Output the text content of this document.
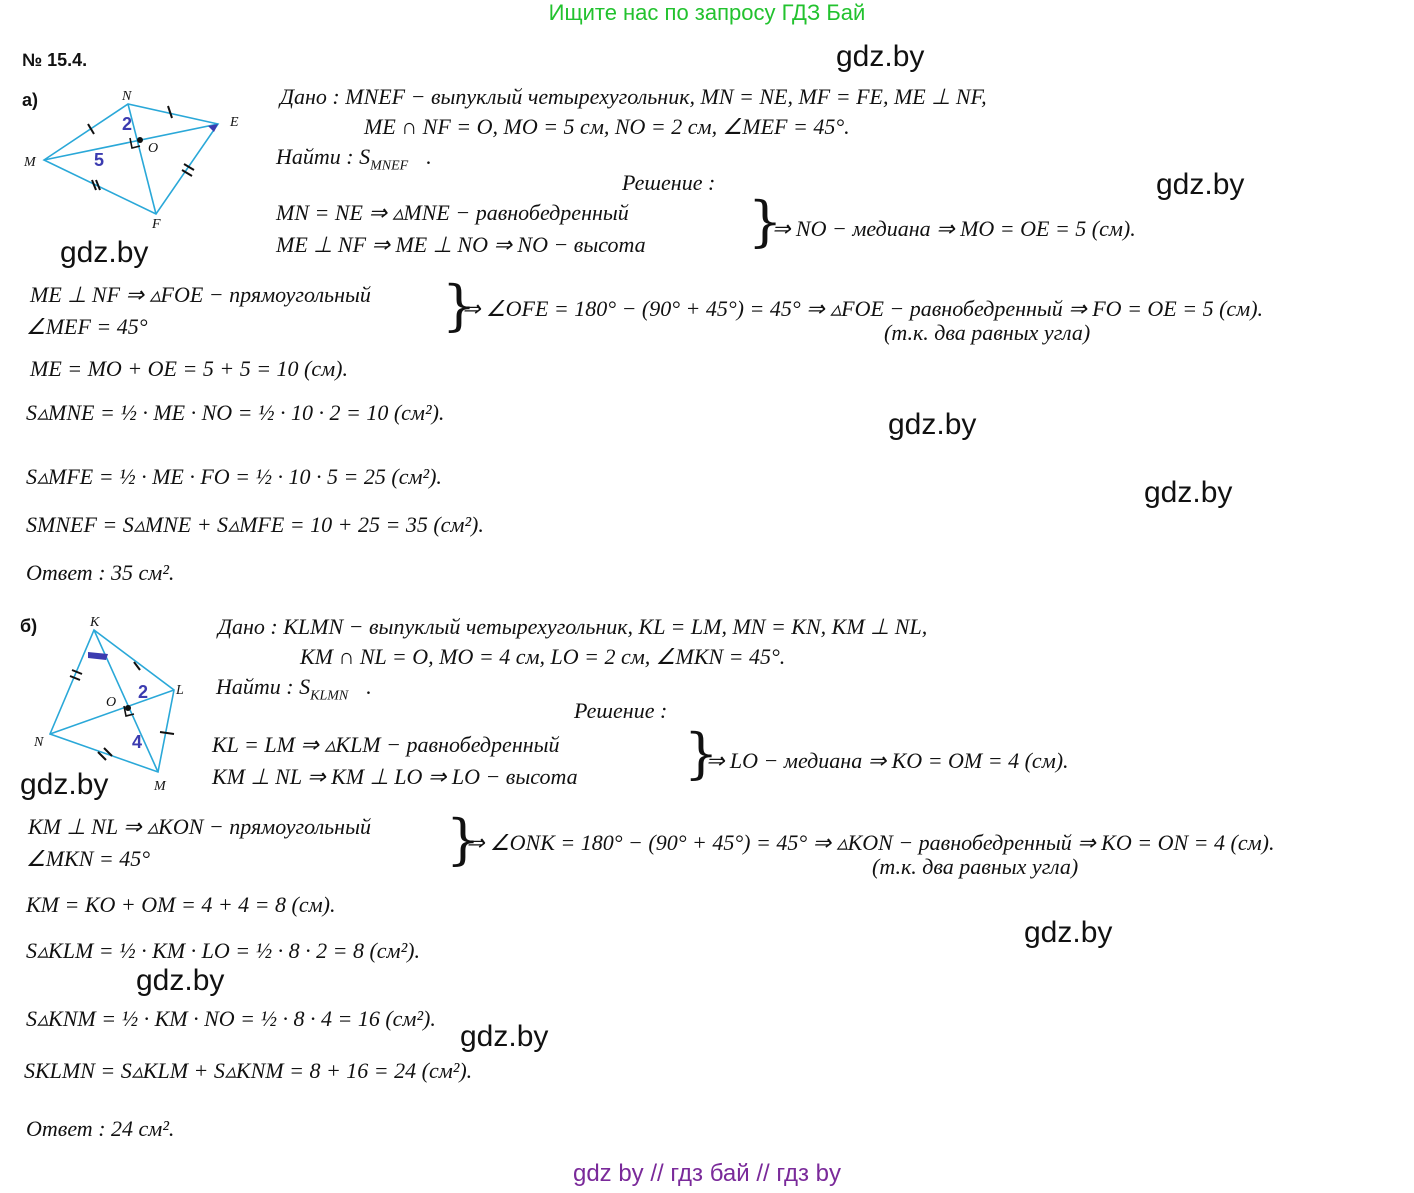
Ищите нас по запросу ГДЗ Бай
№ 15.4.	gdz.by
gdz.by
gdz.by
gdz.by
gdz.by
gdz.by
gdz.by
gdz.by
gdz.by
а)
M
N
E
F
O
2
5
Дано : MNEF − выпуклый четырехугольник, MN = NE, MF = FE, ME ⊥ NF,
ME ∩ NF = O, MO = 5 см, NO = 2 см, ∠MEF = 45°.
Найти : $S_{MNEF}$ .
Решение :
MN = NE ⇒ ▵MNE − равнобедренный
ME ⊥ NF ⇒ ME ⊥ NO ⇒ NO − высота }
⇒ NO − медиана ⇒ MO = OE = 5 (см).
ME ⊥ NF ⇒ ▵FOE − прямоугольный
∠MEF = 45°	}
⇒ ∠OFE = 180° − (90° + 45°) = 45° ⇒ ▵FOE − равнобедренный ⇒ FO = OE = 5 (см).
(т.к. два равных угла)
ME = MO + OE = 5 + 5 = 10 (см).
S▵MNE = ½ · ME · NO = ½ · 10 · 2 = 10 (см²).
S▵MFE = ½ · ME · FO = ½ · 10 · 5 = 25 (см²).
SMNEF = S▵MNE + S▵MFE = 10 + 25 = 35 (см²).
Ответ : 35 см².
б)	K
L
M
N
O
2
4
Дано : KLMN − выпуклый четырехугольник, KL = LM, MN = KN, KM ⊥ NL,
KM ∩ NL = O, MO = 4 см, LO = 2 см, ∠MKN = 45°.
Найти : $S_{KLMN}$ .
Решение :
KL = LM ⇒ ▵KLM − равнобедренный
KM ⊥ NL ⇒ KM ⊥ LO ⇒ LO − высота }
⇒ LO − медиана ⇒ KO = OM = 4 (см).
KM ⊥ NL ⇒ ▵KON − прямоугольный
∠MKN = 45°	}
⇒ ∠ONK = 180° − (90° + 45°) = 45° ⇒ ▵KON − равнобедренный ⇒ KO = ON = 4 (см).
(т.к. два равных угла)
KM = KO + OM = 4 + 4 = 8 (см).
S▵KLM = ½ · KM · LO = ½ · 8 · 2 = 8 (см²).
S▵KNM = ½ · KM · NO = ½ · 8 · 4 = 16 (см²).
SKLMN = S▵KLM + S▵KNM = 8 + 16 = 24 (см²).
Ответ : 24 см².
gdz by // гдз бай // гдз by
